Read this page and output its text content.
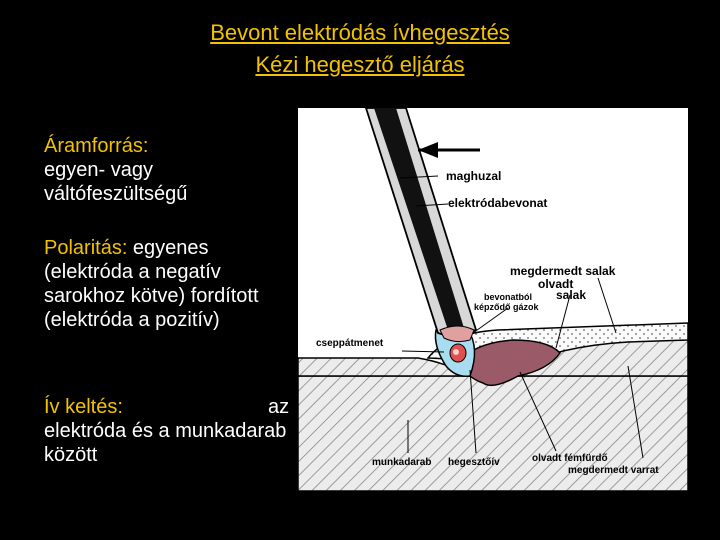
Bevont elektródás ívhegesztés
Kézi hegesztő eljárás
Áramforrás:
egyen- vagy váltófeszültségű
Polaritás: egyenes (elektróda a negatív sarokhoz kötve) fordított (elektróda a pozitív)
Ív keltés:
elektróda és a munkadarab között
az
maghuzal
elektródabevonat
megdermedt salak
olvadt
salak
bevonatból
képződő gázok
cseppátmenet
munkadarab hegesztőív	olvadt fémfürdő
megdermedt varrat
